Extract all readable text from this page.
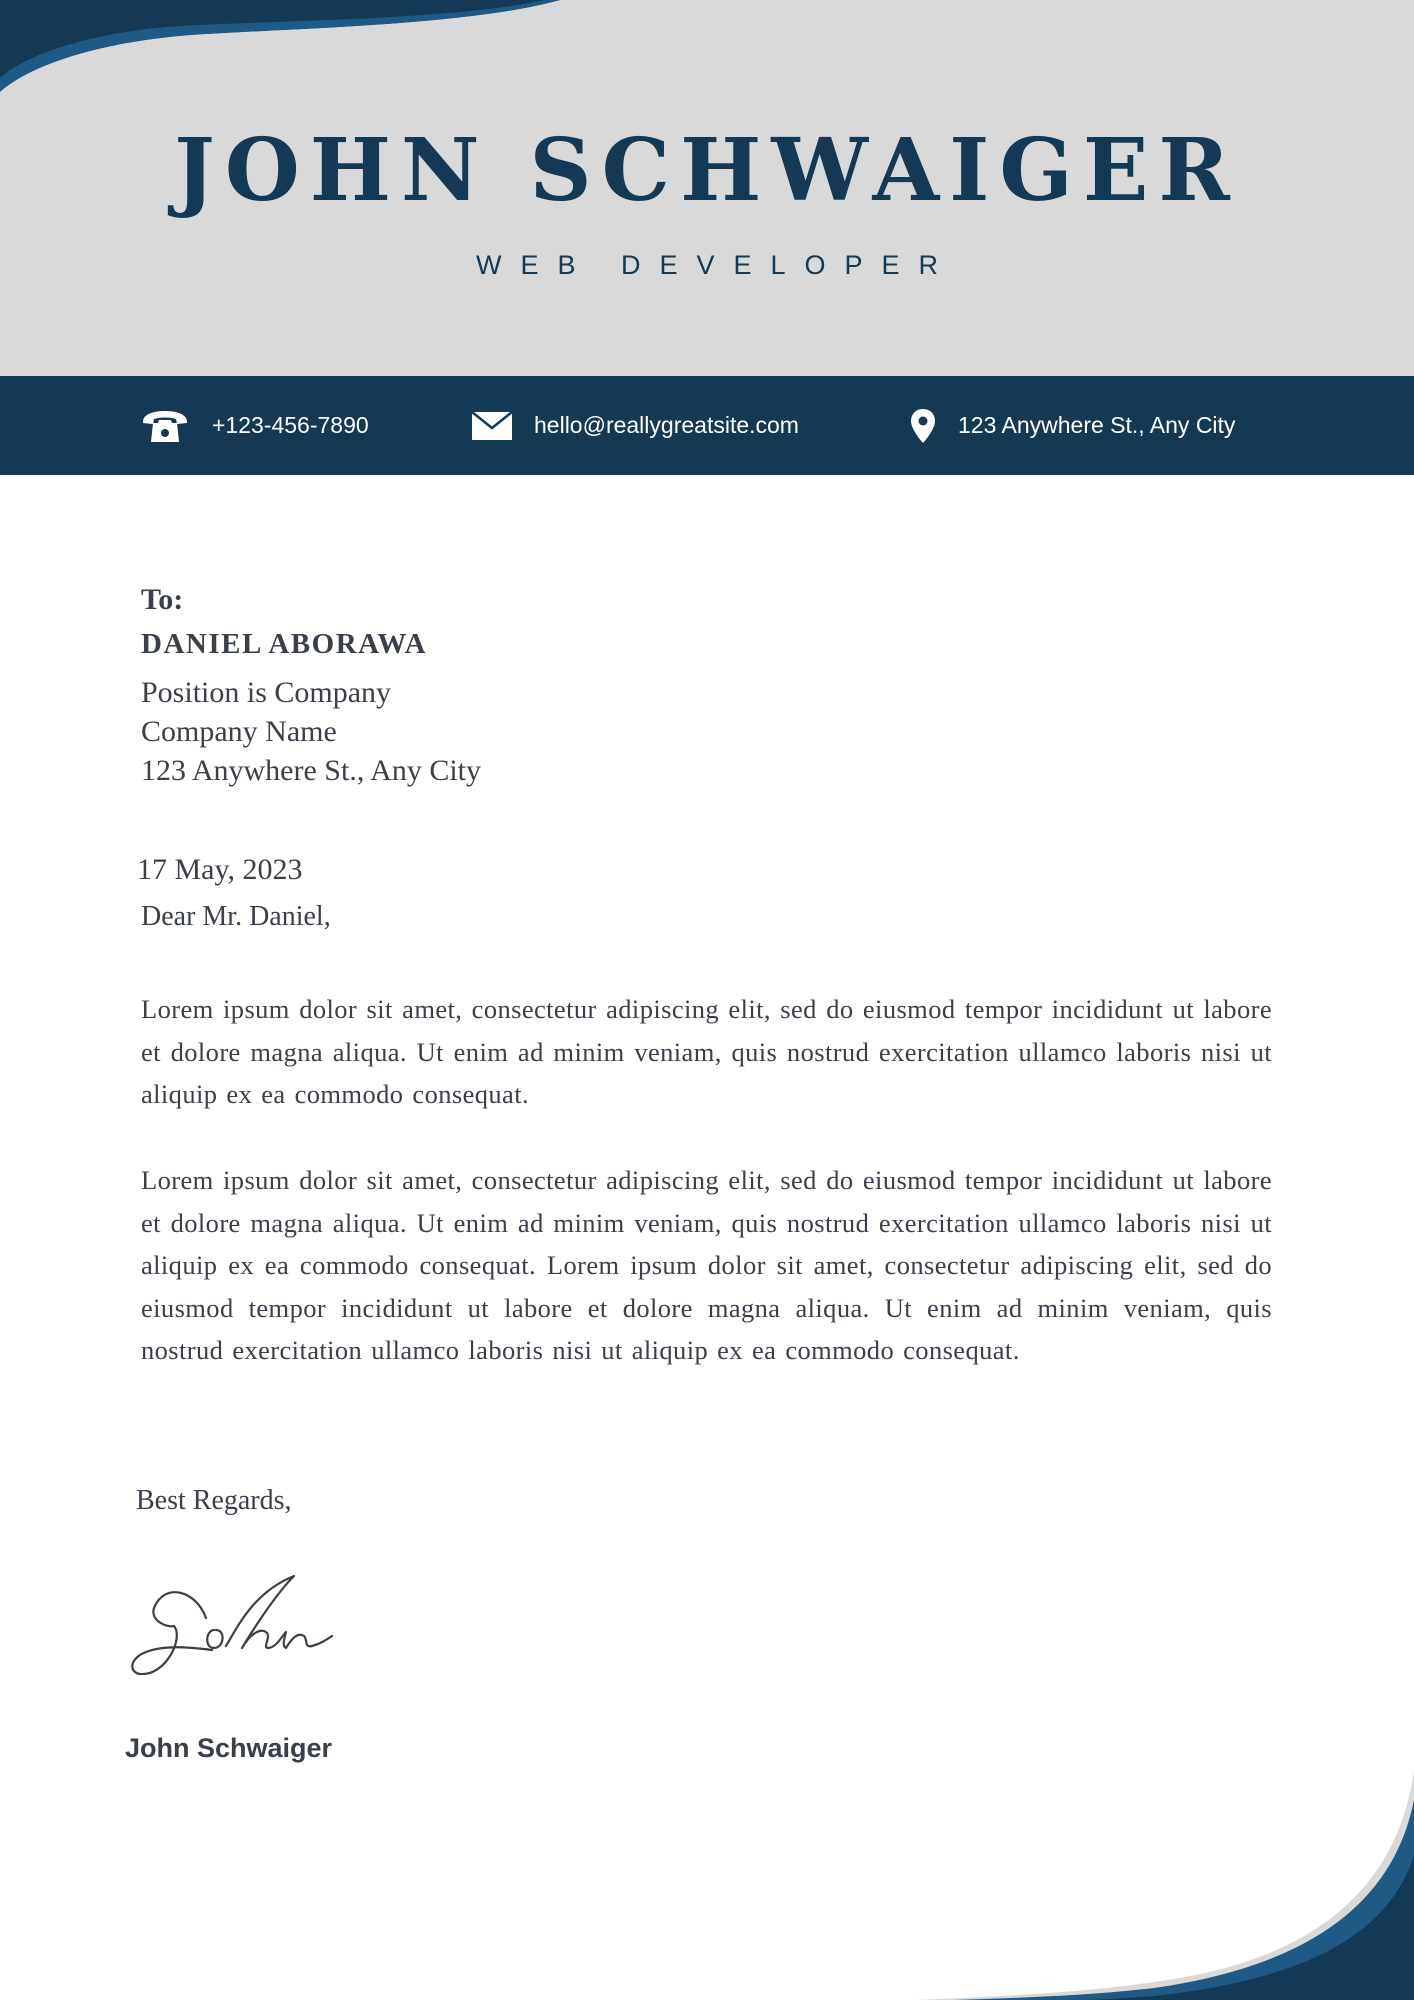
JOHN SCHWAIGER
WEB DEVELOPER
+123-456-7890	hello@reallygreatsite.com	123 Anywhere St., Any City
To:
DANIEL ABORAWA
Position is Company
Company Name
123 Anywhere St., Any City
17 May, 2023
Dear Mr. Daniel,

Lorem ipsum dolor sit amet, consectetur adipiscing elit, sed do eiusmod tempor incididunt ut labore et dolore magna aliqua. Ut enim ad minim veniam, quis nostrud exercitation ullamco laboris nisi ut aliquip ex ea commodo consequat.

Lorem ipsum dolor sit amet, consectetur adipiscing elit, sed do eiusmod tempor incididunt ut labore et dolore magna aliqua. Ut enim ad minim veniam, quis nostrud exercitation ullamco laboris nisi ut aliquip ex ea commodo consequat. Lorem ipsum dolor sit amet, consectetur adipiscing elit, sed do eiusmod tempor incididunt ut labore et dolore magna aliqua. Ut enim ad minim veniam, quis nostrud exercitation ullamco laboris nisi ut aliquip ex ea commodo consequat.

Best Regards,
John
John Schwaiger
